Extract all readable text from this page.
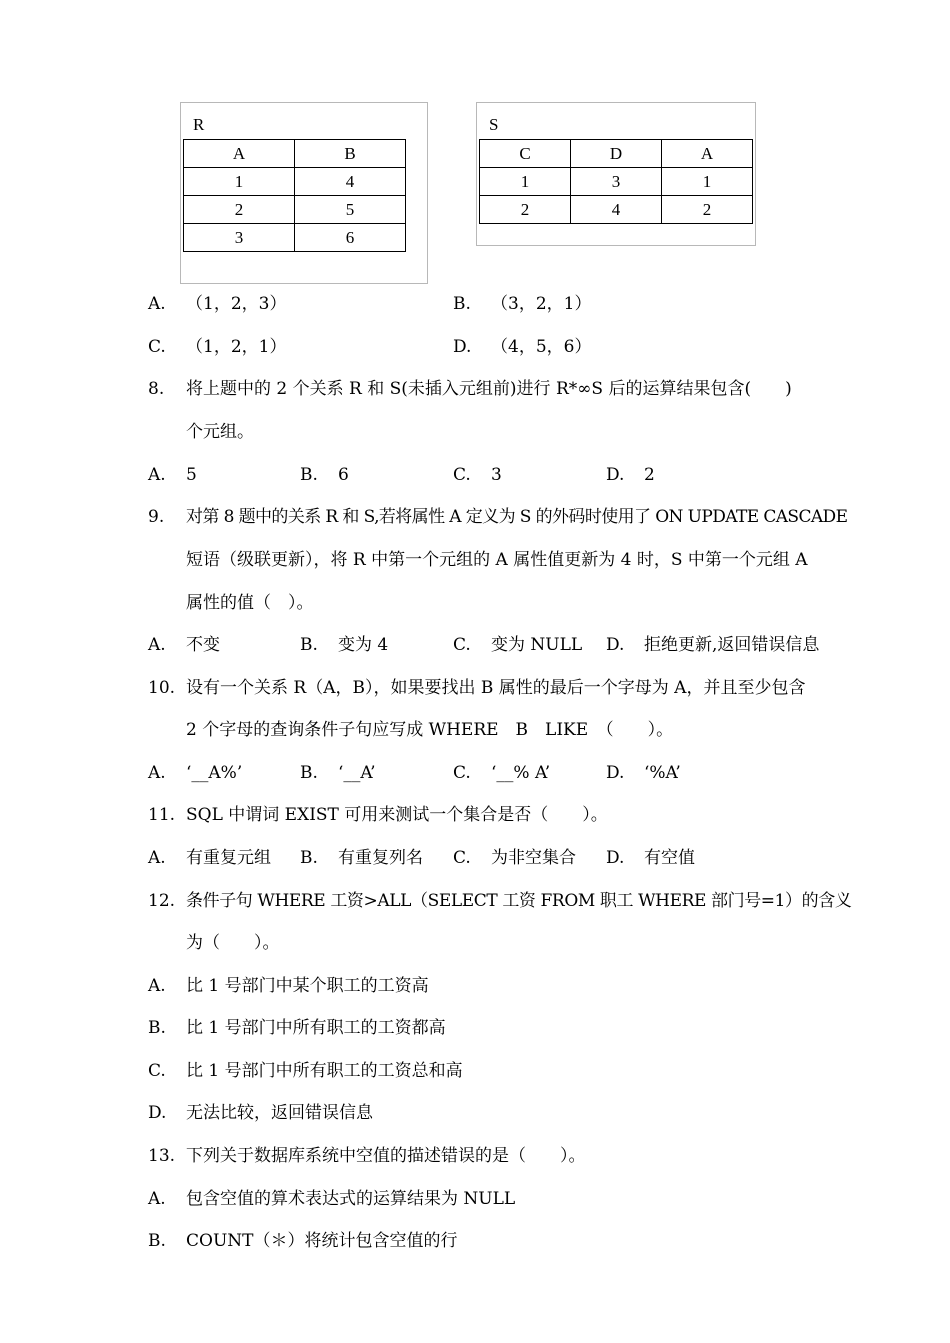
R
A	B
1	4
2	5
3	6
S
C	D	A
1	3	1
2	4	2
A. （1，2，3）	B. （3，2，1）
C. （1，2，1）	D. （4，5，6）
8. 将上题中的 2 个关系 R 和 S(未插入元组前)进行 R*∞S 后的运算结果包含(　　)
个元组。
A. 5	B. 6	C. 3	D. 2
9. 对第 8 题中的关系 R 和 S,若将属性 A 定义为 S 的外码时使用了 ON UPDATE CASCADE
短语（级联更新），将 R 中第一个元组的 A 属性值更新为 4 时，S 中第一个元组 A
属性的值（　）。
A. 不变	B. 变为 4	C. 变为 NULL D. 拒绝更新,返回错误信息
10. 设有一个关系 R（A，B），如果要找出 B 属性的最后一个字母为 A，并且至少包含
2 个字母的查询条件子句应写成 WHERE　B　LIKE　（　　）。
A. ‘__A%’	B. ‘__A’	C. ‘__% A’	D. ‘%A’
11. SQL 中谓词 EXIST 可用来测试一个集合是否（　　）。
A. 有重复元组 B. 有重复列名 C. 为非空集合 D. 有空值
12. 条件子句 WHERE 工资>ALL（SELECT 工资 FROM 职工 WHERE 部门号=1）的含义
为（　　）。
A. 比 1 号部门中某个职工的工资高
B. 比 1 号部门中所有职工的工资都高
C. 比 1 号部门中所有职工的工资总和高
D. 无法比较，返回错误信息
13. 下列关于数据库系统中空值的描述错误的是（　　）。
A. 包含空值的算术表达式的运算结果为 NULL
B. COUNT（＊）将统计包含空值的行
